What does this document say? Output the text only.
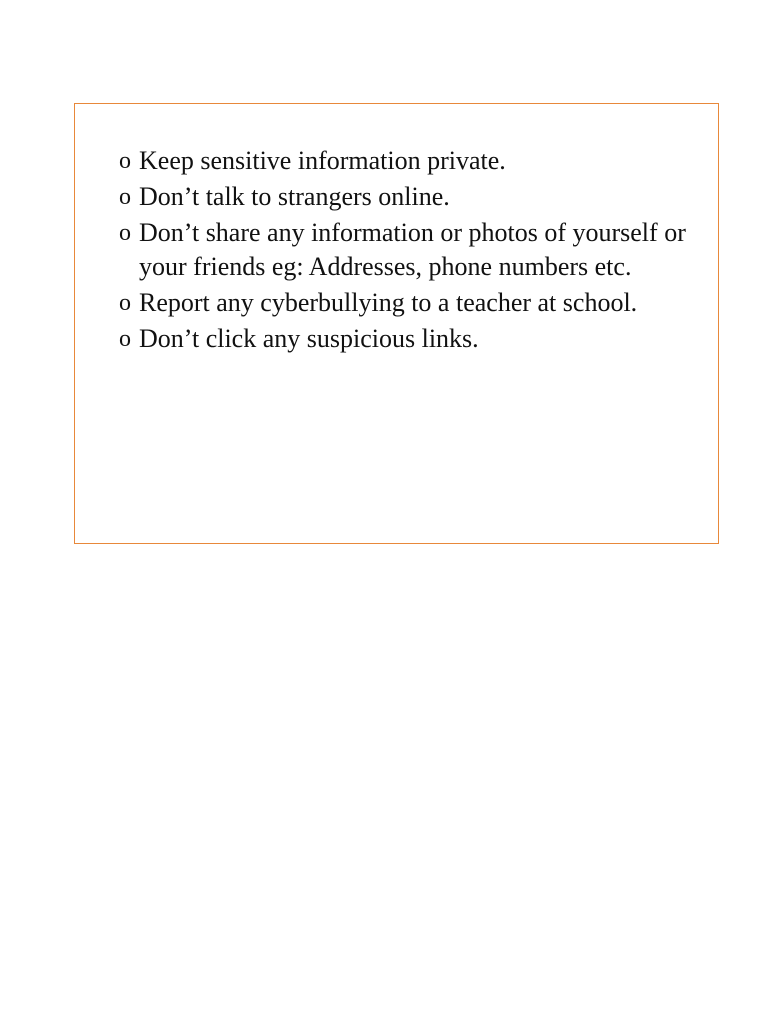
o Keep sensitive information private.
o Don’t talk to strangers online.
o Don’t share any information or photos of yourself or your friends eg: Addresses, phone numbers etc.
o Report any cyberbullying to a teacher at school.
o Don’t click any suspicious links.
